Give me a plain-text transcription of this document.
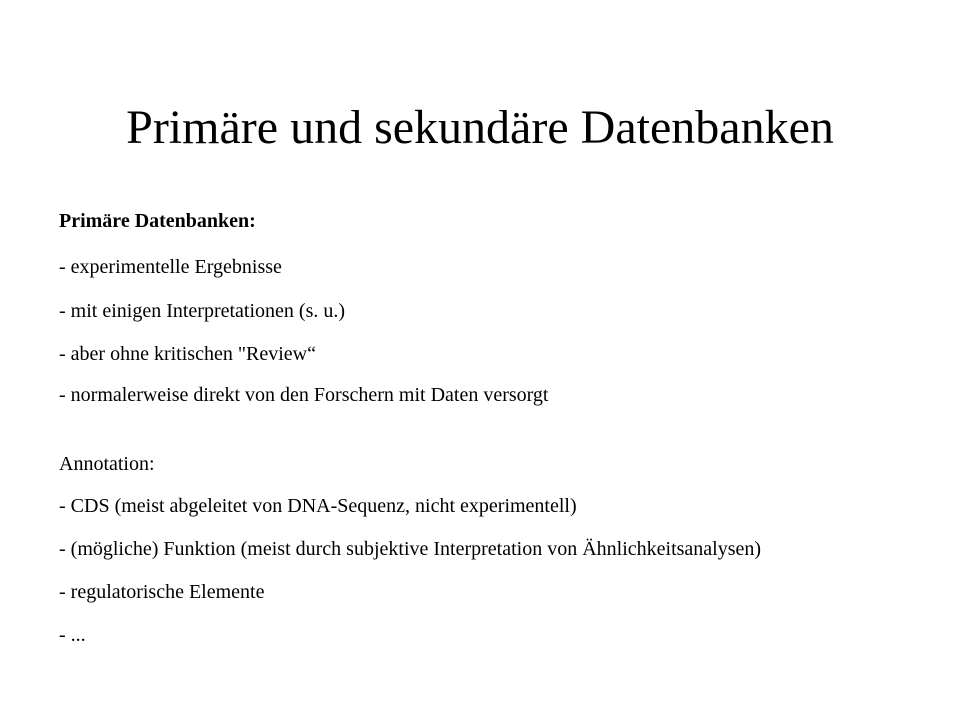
Primäre und sekundäre Datenbanken

Primäre Datenbanken:

- experimentelle Ergebnisse

- mit einigen Interpretationen (s. u.)

- aber ohne kritischen "Review“

- normalerweise direkt von den Forschern mit Daten versorgt

Annotation:

- CDS (meist abgeleitet von DNA-Sequenz, nicht experimentell)

- (mögliche) Funktion (meist durch subjektive Interpretation von Ähnlichkeitsanalysen)

- regulatorische Elemente

- ...
